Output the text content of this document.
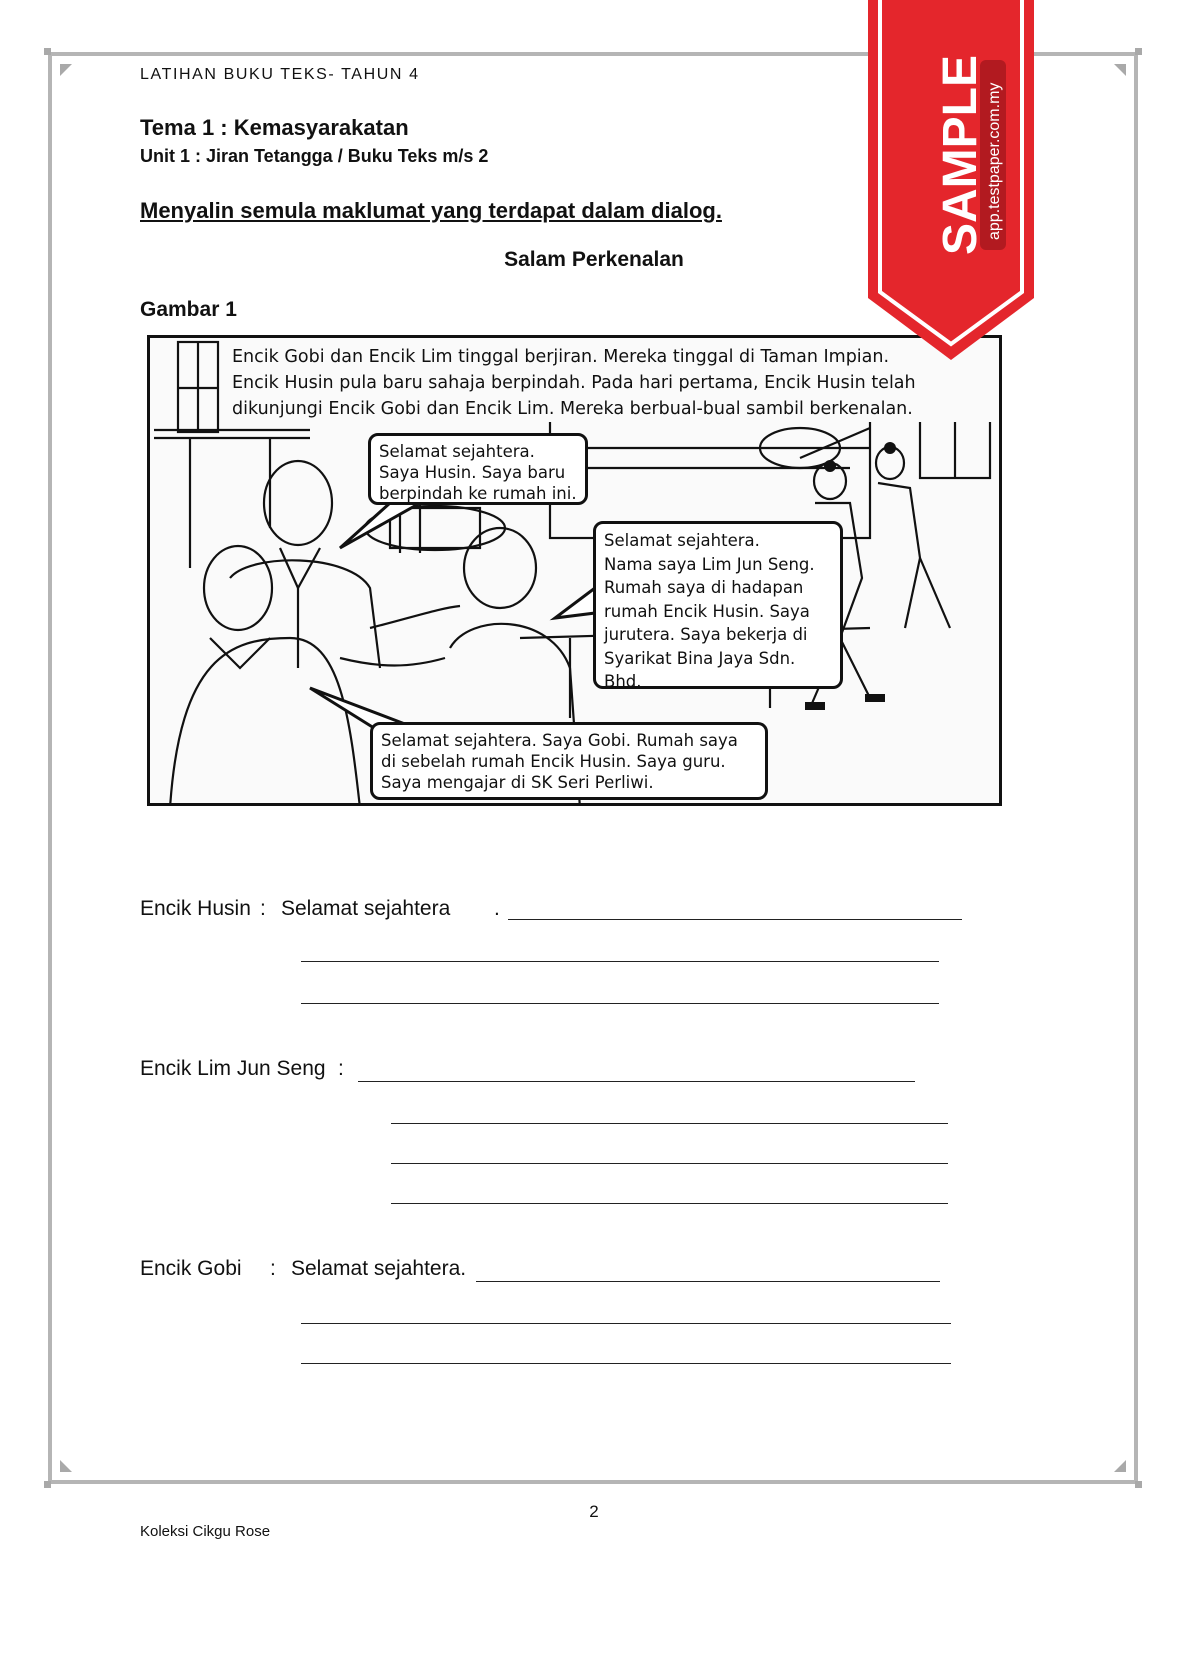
LATIHAN BUKU TEKS- TAHUN 4
Tema 1 : Kemasyarakatan
Unit 1 : Jiran Tetangga / Buku Teks m/s 2
Menyalin semula maklumat yang terdapat dalam dialog.
Salam Perkenalan
Gambar 1
Encik Gobi dan Encik Lim tinggal berjiran. Mereka tinggal di Taman Impian.
Encik Husin pula baru sahaja berpindah. Pada hari pertama, Encik Husin telah
dikunjungi Encik Gobi dan Encik Lim. Mereka berbual-bual sambil berkenalan.
Selamat sejahtera.
Saya Husin. Saya baru
berpindah ke rumah ini.
Selamat sejahtera.
Nama saya Lim Jun Seng.
Rumah saya di hadapan
rumah Encik Husin. Saya
jurutera. Saya bekerja di
Syarikat Bina Jaya Sdn. Bhd.
Selamat sejahtera. Saya Gobi. Rumah saya
di sebelah rumah Encik Husin. Saya guru.
Saya mengajar di SK Seri Perliwi.
Encik Husin : Selamat sejahtera .
Encik Lim Jun Seng :
Encik Gobi : Selamat sejahtera.
2
Koleksi Cikgu Rose
SAMPLE app.testpaper.com.my
